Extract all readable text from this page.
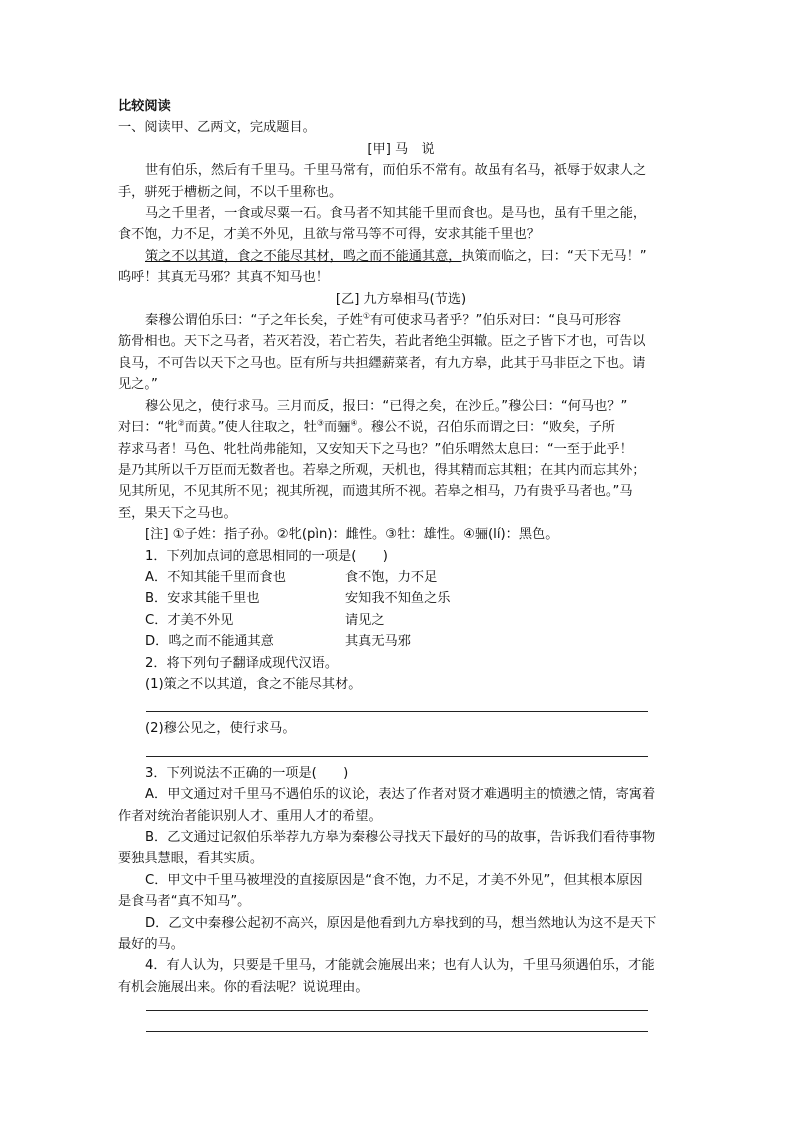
比较阅读
一、阅读甲、乙两文，完成题目。
[甲] 马　说
世有伯乐，然后有千里马。千里马常有，而伯乐不常有。故虽有名马，祇辱于奴隶人之
手，骈死于槽枥之间，不以千里称也。
马之千里者，一食或尽粟一石。食马者不知其能千里而食也。是马也，虽有千里之能，
食不饱，力不足，才美不外见，且欲与常马等不可得，安求其能千里也？
策之不以其道，食之不能尽其材，鸣之而不能通其意，执策而临之，曰：“天下无马！”
呜呼！其真无马邪？其真不知马也！
[乙] 九方皋相马(节选)
秦穆公谓伯乐曰：“子之年长矣，子姓①有可使求马者乎？”伯乐对曰：“良马可形容
筋骨相也。天下之马者，若灭若没，若亡若失，若此者绝尘弭辙。臣之子皆下才也，可告以
良马，不可告以天下之马也。臣有所与共担纆薪菜者，有九方皋，此其于马非臣之下也。请
见之。”
穆公见之，使行求马。三月而反，报曰：“已得之矣，在沙丘。”穆公曰：“何马也？”
对曰：“牝②而黄。”使人往取之，牡③而骊④。穆公不说，召伯乐而谓之曰：“败矣，子所
荐求马者！马色、牝牡尚弗能知，又安知天下之马也？”伯乐喟然太息曰：“一至于此乎！
是乃其所以千万臣而无数者也。若皋之所观，天机也，得其精而忘其粗；在其内而忘其外；
见其所见，不见其所不见；视其所视，而遗其所不视。若皋之相马，乃有贵乎马者也。”马
至，果天下之马也。
[注] ①子姓：指子孙。②牝(pìn)：雌性。③牡：雄性。④骊(lí)：黑色。
1．下列加点词的意思相同的一项是(　　)
A．不知其能千里而食也	食不饱，力不足
B．安求其能千里也	安知我不知鱼之乐
C．才美不外见	请见之
D．鸣之而不能通其意	其真无马邪
2．将下列句子翻译成现代汉语。
(1)策之不以其道，食之不能尽其材。
(2)穆公见之，使行求马。
3．下列说法不正确的一项是(　　)
A．甲文通过对千里马不遇伯乐的议论，表达了作者对贤才难遇明主的愤懑之情，寄寓着
作者对统治者能识别人才、重用人才的希望。
B．乙文通过记叙伯乐举荐九方皋为秦穆公寻找天下最好的马的故事，告诉我们看待事物
要独具慧眼，看其实质。
C．甲文中千里马被埋没的直接原因是“食不饱，力不足，才美不外见”，但其根本原因
是食马者“真不知马”。
D．乙文中秦穆公起初不高兴，原因是他看到九方皋找到的马，想当然地认为这不是天下
最好的马。
4．有人认为，只要是千里马，才能就会施展出来；也有人认为，千里马须遇伯乐，才能
有机会施展出来。你的看法呢？说说理由。
